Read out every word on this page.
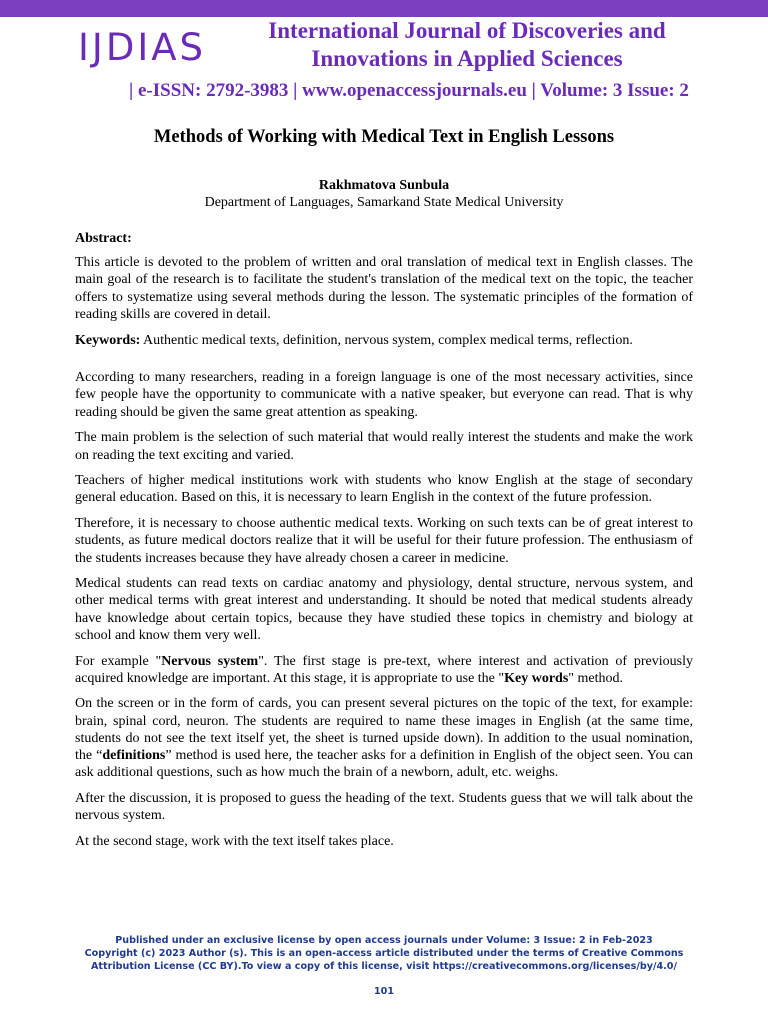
IJDIAS	International Journal of Discoveries and
Innovations in Applied Sciences
| e-ISSN: 2792-3983 | www.openaccessjournals.eu | Volume: 3 Issue: 2
Methods of Working with Medical Text in English Lessons
Rakhmatova Sunbula
Department of Languages, Samarkand State Medical University

Abstract:

This article is devoted to the problem of written and oral translation of medical text in English classes. The main goal of the research is to facilitate the student's translation of the medical text on the topic, the teacher offers to systematize using several methods during the lesson. The systematic principles of the formation of reading skills are covered in detail.

Keywords: Authentic medical texts, definition, nervous system, complex medical terms, reflection.

According to many researchers, reading in a foreign language is one of the most necessary activities, since few people have the opportunity to communicate with a native speaker, but everyone can read. That is why reading should be given the same great attention as speaking.

The main problem is the selection of such material that would really interest the students and make the work on reading the text exciting and varied.

Teachers of higher medical institutions work with students who know English at the stage of secondary general education. Based on this, it is necessary to learn English in the context of the future profession.

Therefore, it is necessary to choose authentic medical texts. Working on such texts can be of great interest to students, as future medical doctors realize that it will be useful for their future profession. The enthusiasm of the students increases because they have already chosen a career in medicine.

Medical students can read texts on cardiac anatomy and physiology, dental structure, nervous system, and other medical terms with great interest and understanding. It should be noted that medical students already have knowledge about certain topics, because they have studied these topics in chemistry and biology at school and know them very well.

For example "Nervous system". The first stage is pre-text, where interest and activation of previously acquired knowledge are important. At this stage, it is appropriate to use the "Key words" method.

On the screen or in the form of cards, you can present several pictures on the topic of the text, for example: brain, spinal cord, neuron. The students are required to name these images in English (at the same time, students do not see the text itself yet, the sheet is turned upside down). In addition to the usual nomination, the “definitions” method is used here, the teacher asks for a definition in English of the object seen. You can ask additional questions, such as how much the brain of a newborn, adult, etc. weighs.

After the discussion, it is proposed to guess the heading of the text. Students guess that we will talk about the nervous system.

At the second stage, work with the text itself takes place.

Published under an exclusive license by open access journals under Volume: 3 Issue: 2 in Feb-2023
Copyright (c) 2023 Author (s). This is an open-access article distributed under the terms of Creative Commons
Attribution License (CC BY).To view a copy of this license, visit https://creativecommons.org/licenses/by/4.0/
101
